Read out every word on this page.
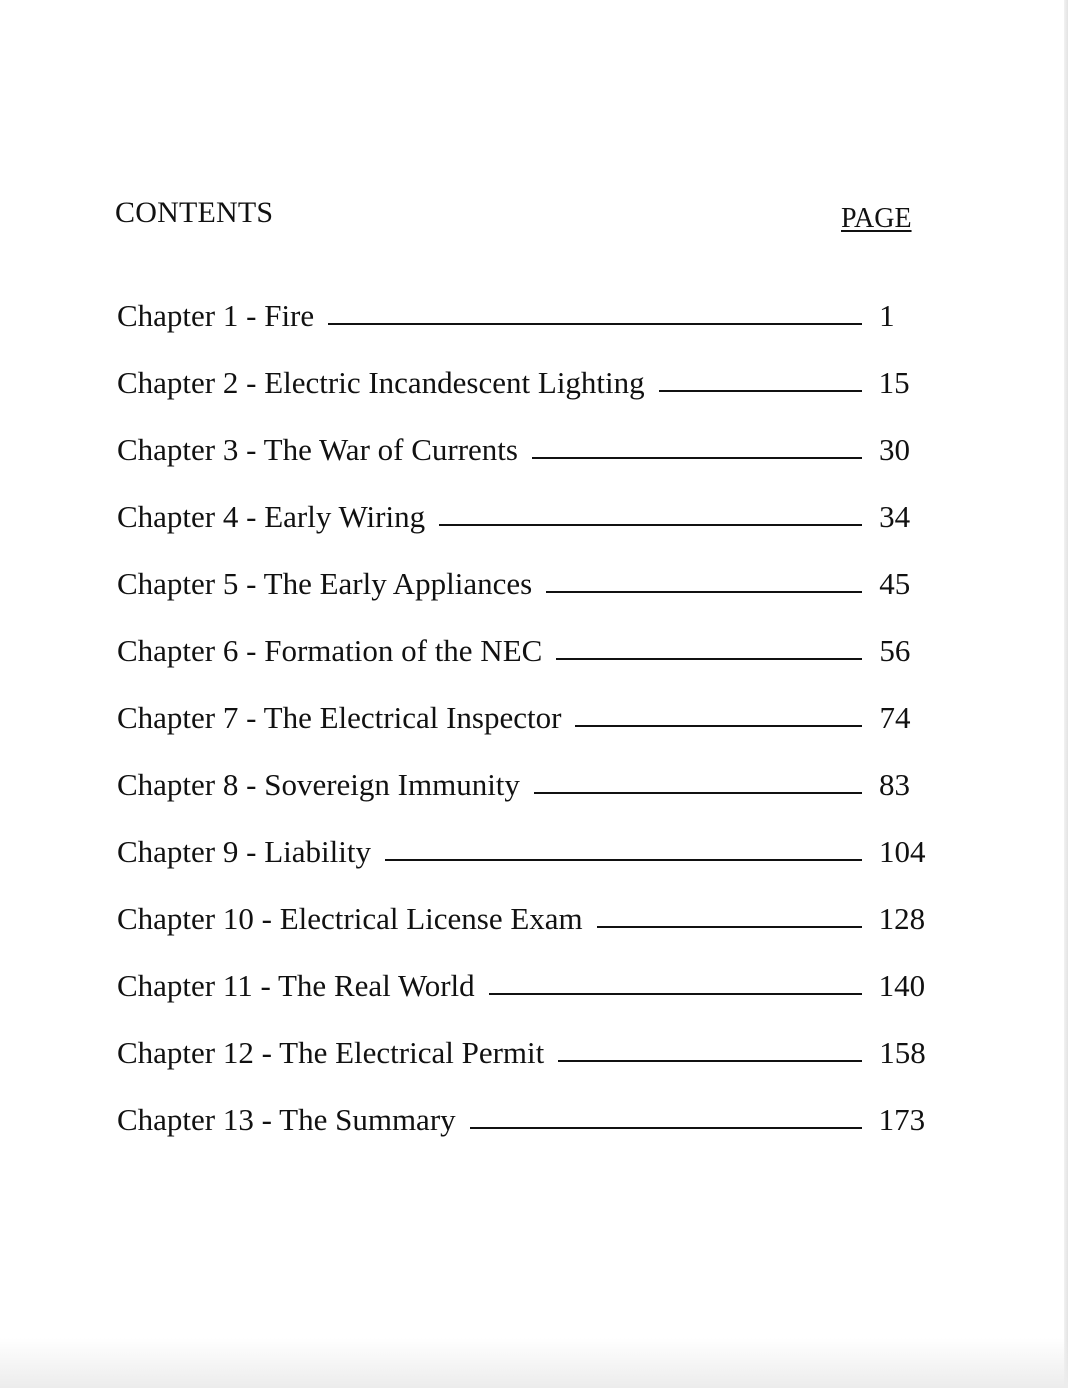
CONTENTS	PAGE
Chapter 1 - Fire	1
Chapter 2 - Electric Incandescent Lighting	15
Chapter 3 - The War of Currents	30
Chapter 4 - Early Wiring	34
Chapter 5 - The Early Appliances	45
Chapter 6 - Formation of the NEC	56
Chapter 7 - The Electrical Inspector	74
Chapter 8 - Sovereign Immunity	83
Chapter 9 - Liability	104
Chapter 10 - Electrical License Exam	128
Chapter 11 - The Real World	140
Chapter 12 - The Electrical Permit	158
Chapter 13 - The Summary	173
